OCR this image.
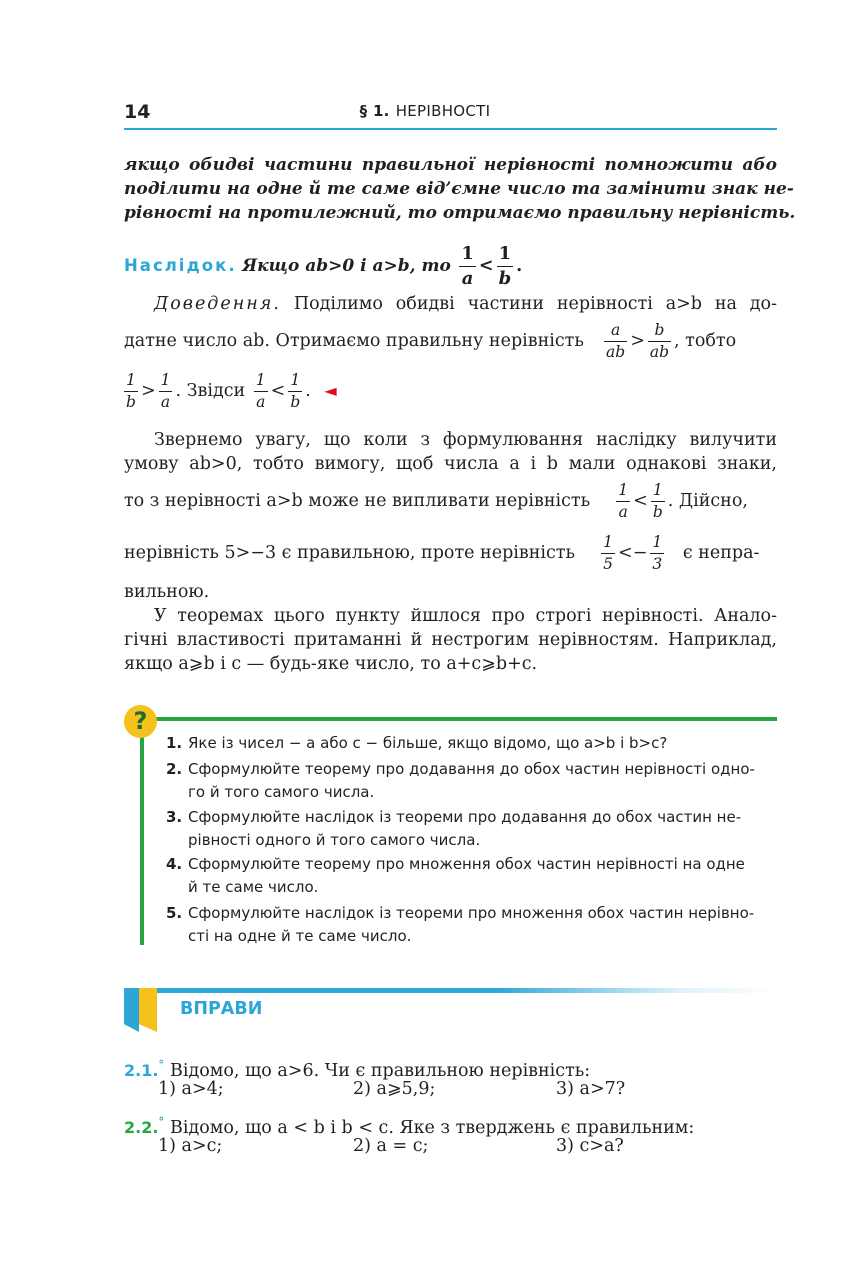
14	§ 1. НЕРІВНОСТІ
якщо обидві частини правильної нерівності помножити або
поділити на одне й те саме від’ємне число та замінити знак не-
рівності на протилежний, то отримаємо правильну нерівність.
Наслідок. Якщо ab>0 і a>b, то $\frac{1}{a} < \frac{1}{b}$ .
Доведення. Поділимо обидві частини нерівності a>b на до-
датне число ab. Отримаємо правильну нерівність $\frac{a}{ab} > \frac{b}{ab}$ , тобто
$\frac{1}{b} > \frac{1}{a}$ . Звідси $\frac{1}{a} < \frac{1}{b}$ . ◄
Звернемо увагу, що коли з формулювання наслідку вилучити
умову ab>0, тобто вимогу, щоб числа a і b мали однакові знаки,
то з нерівності a>b може не випливати нерівність $\frac{1}{a} < \frac{1}{b}$ . Дійсно,
нерівність 5>−3 є правильною, проте нерівність $\frac{1}{5} <- \frac{1}{3}$ є непра-
вильною.
У теоремах цього пункту йшлося про строгі нерівності. Анало-
гічні властивості притаманні й нестрогим нерівностям. Наприклад,
якщо a⩾b і c — будь-яке число, то a+c⩾b+c.
?
1. Яке із чисел − a або c − більше, якщо відомо, що a>b і b>c?
2. Сформулюйте теорему про додавання до обох частин нерівності одно-
го й того самого числа.
3. Сформулюйте наслідок із теореми про додавання до обох частин не-
рівності одного й того самого числа.
4. Сформулюйте теорему про множення обох частин нерівності на одне
й те саме число.
5. Сформулюйте наслідок із теореми про множення обох частин нерівно-
сті на одне й те саме число.
ВПРАВИ
2.1.° Відомо, що a>6. Чи є правильною нерівність:
1) a>4;	2) a⩾5,9;	3) a>7?
2.2.° Відомо, що a < b і b < c. Яке з тверджень є правильним:
1) a>c;	2) a = c;	3) c>a?
